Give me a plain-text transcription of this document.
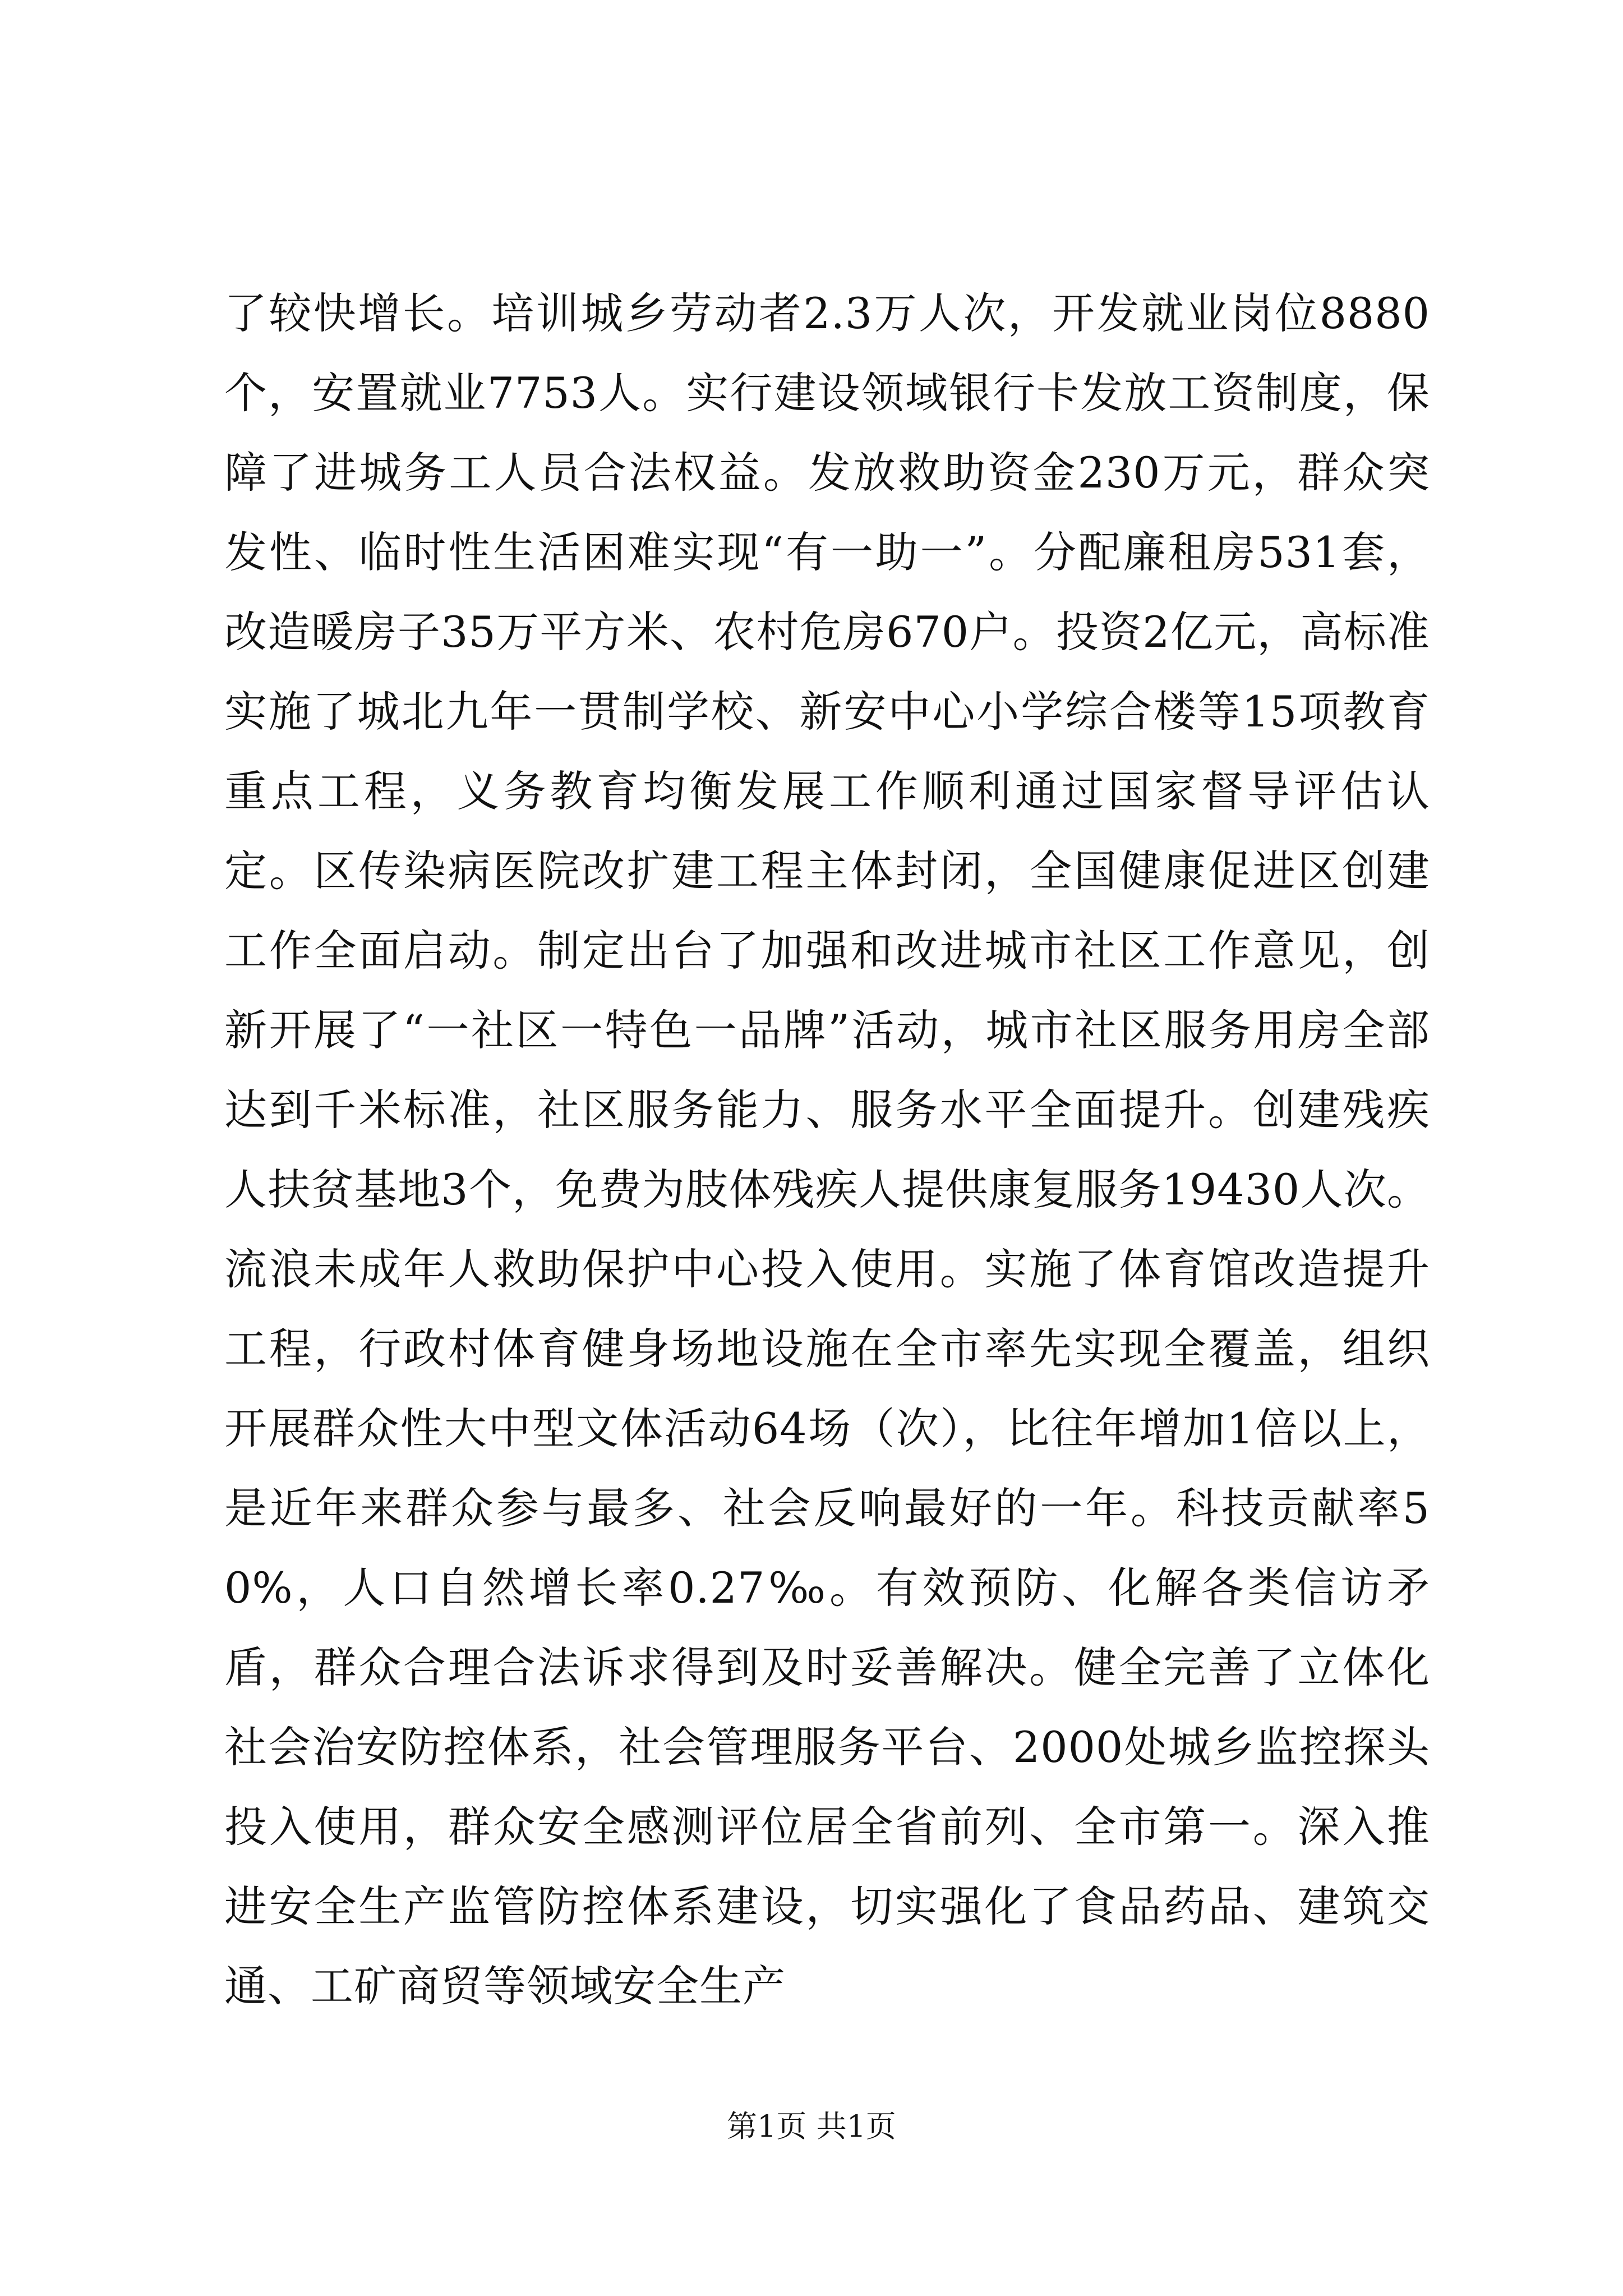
了较快增长。培训城乡劳动者2.3万人次，开发就业岗位8880个，安置就业7753人。实行建设领域银行卡发放工资制度，保障了进城务工人员合法权益。发放救助资金230万元，群众突发性、临时性生活困难实现“有一助一”。分配廉租房531套，改造暖房子35万平方米、农村危房670户。投资2亿元，高标准实施了城北九年一贯制学校、新安中心小学综合楼等15项教育重点工程，义务教育均衡发展工作顺利通过国家督导评估认定。区传染病医院改扩建工程主体封闭，全国健康促进区创建工作全面启动。制定出台了加强和改进城市社区工作意见，创新开展了“一社区一特色一品牌”活动，城市社区服务用房全部达到千米标准，社区服务能力、服务水平全面提升。创建残疾人扶贫基地3个，免费为肢体残疾人提供康复服务19430人次。流浪未成年人救助保护中心投入使用。实施了体育馆改造提升工程，行政村体育健身场地设施在全市率先实现全覆盖，组织开展群众性大中型文体活动64场（次），比往年增加1倍以上，是近年来群众参与最多、社会反响最好的一年。科技贡献率50%，人口自然增长率0.27‰。有效预防、化解各类信访矛盾，群众合理合法诉求得到及时妥善解决。健全完善了立体化社会治安防控体系，社会管理服务平台、2000处城乡监控探头投入使用，群众安全感测评位居全省前列、全市第一。深入推进安全生产监管防控体系建设，切实强化了食品药品、建筑交通、工矿商贸等领域安全生产

第1页 共1页
